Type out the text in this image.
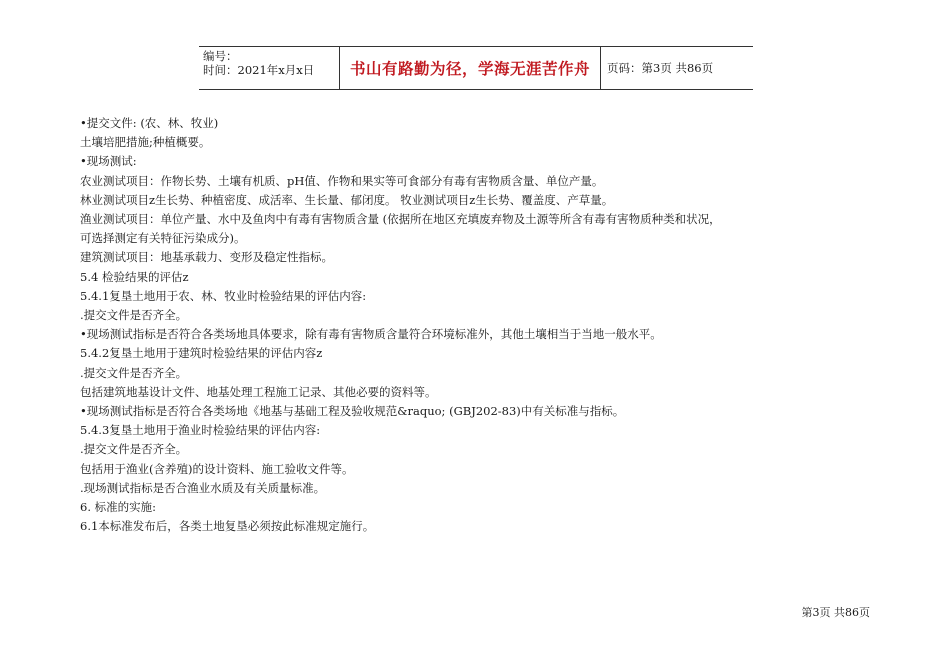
编号：
时间：2021年x月x日	书山有路勤为径，学海无涯苦作舟 页码：第3页 共86页
•提交文件: (农、林、牧业)
土壤培肥措施;种植概要。
•现场测试:
农业测试项目：作物长势、土壤有机质、pH值、作物和果实等可食部分有毒有害物质含量、单位产量。
林业测试项目z生长势、种植密度、成活率、生长量、郁闭度。 牧业测试项目z生长势、覆盖度、产草量。
渔业测试项目：单位产量、水中及鱼肉中有毒有害物质含量 (依据所在地区充填废弃物及土源等所含有毒有害物质种类和状况，
可选择测定有关特征污染成分)。
建筑测试项目：地基承载力、变形及稳定性指标。
5.4 检验结果的评估z
5.4.1复垦土地用于农、林、牧业时检验结果的评估内容:
.提交文件是否齐全。
•现场测试指标是否符合各类场地具体要求，除有毒有害物质含量符合环境标准外，其他土壤相当于当地一般水平。
5.4.2复垦土地用于建筑时检验结果的评估内容z
.提交文件是否齐全。
包括建筑地基设计文件、地基处理工程施工记录、其他必要的资料等。
•现场测试指标是否符合各类场地《地基与基础工程及验收规范&raquo; (GBJ202-83)中有关标准与指标。
5.4.3复垦土地用于渔业时检验结果的评估内容:
.提交文件是否齐全。
包括用于渔业(含养殖)的设计资料、施工验收文件等。
.现场测试指标是否合渔业水质及有关质量标准。
6. 标准的实施:
6.1本标准发布后，各类土地复垦必须按此标准规定施行。
第3页 共86页
